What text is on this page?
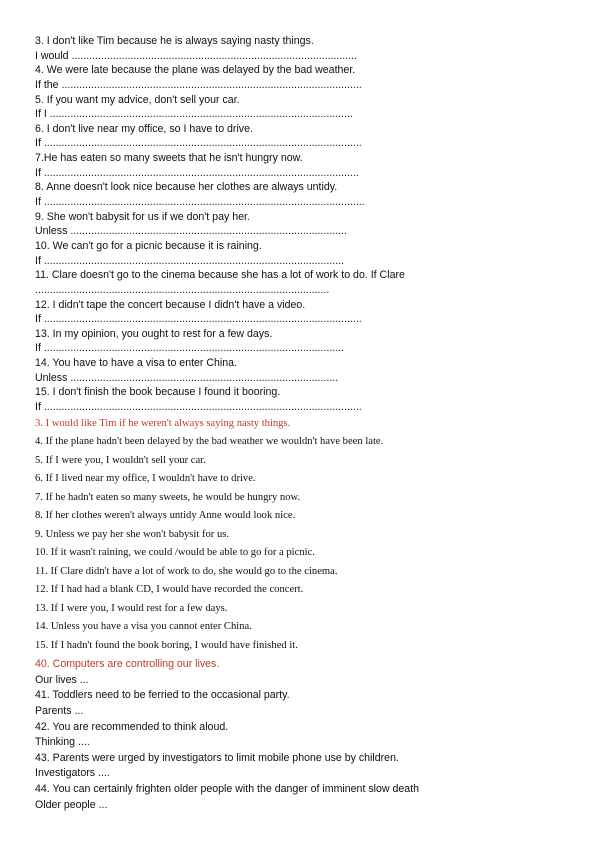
3. I don't like Tim because he is always saying nasty things.
I would .................................................................................................
4. We were late because the plane was delayed by the bad weather.
If the ......................................................................................................
5. If you want my advice, don't sell your car.
If I .......................................................................................................
6. I don't live near my office, so I have to drive.
If ............................................................................................................
7.He has eaten so many sweets that he isn't hungry now.
If ...........................................................................................................
8. Anne doesn't look nice because her clothes are always untidy.
If .............................................................................................................
9. She won't babysit for us if we don't pay her.
Unless ..............................................................................................
10. We can't go for a picnic because it is raining.
If ......................................................................................................
11. Clare doesn't go to the cinema because she has a lot of work to do. If Clare
....................................................................................................
12. I didn't tape the concert because I didn't have a video.
If ............................................................................................................
13. In my opinion, you ought to rest for a few days.
If ......................................................................................................
14. You have to have a visa to enter China.
Unless ...........................................................................................
15. I don't finish the book because I found it booring.
If ............................................................................................................
3. I would like Tim if he weren't always saying nasty things.
4. If the plane hadn't been delayed by the bad weather we wouldn't have been late.
5. If I were you, I wouldn't sell your car.
6. If I lived near my office, I wouldn't have to drive.
7. If he hadn't eaten so many sweets, he would be hungry now.
8. If her clothes weren't always untidy Anne would look nice.
9. Unless we pay her she won't babysit for us.
10. If it wasn't raining, we could /would be able to go for a picnic.
11. If Clare didn't have a lot of work to do, she would go to the cinema.
12. If I had had a blank CD, I would have recorded the concert.
13. If I were you, I would rest for a few days.
14. Unless you have a visa you cannot enter China.
15. If I hadn't found the book boring, I would have finished it.
40. Computers are controlling our lives.
Our lives ...
41. Toddlers need to be ferried to the occasional party.
Parents ...
42. You are recommended to think aloud.
Thinking ....
43. Parents were urged by investigators to limit mobile phone use by children.
Investigators ....
44. You can certainly frighten older people with the danger of imminent slow death
Older people ...
